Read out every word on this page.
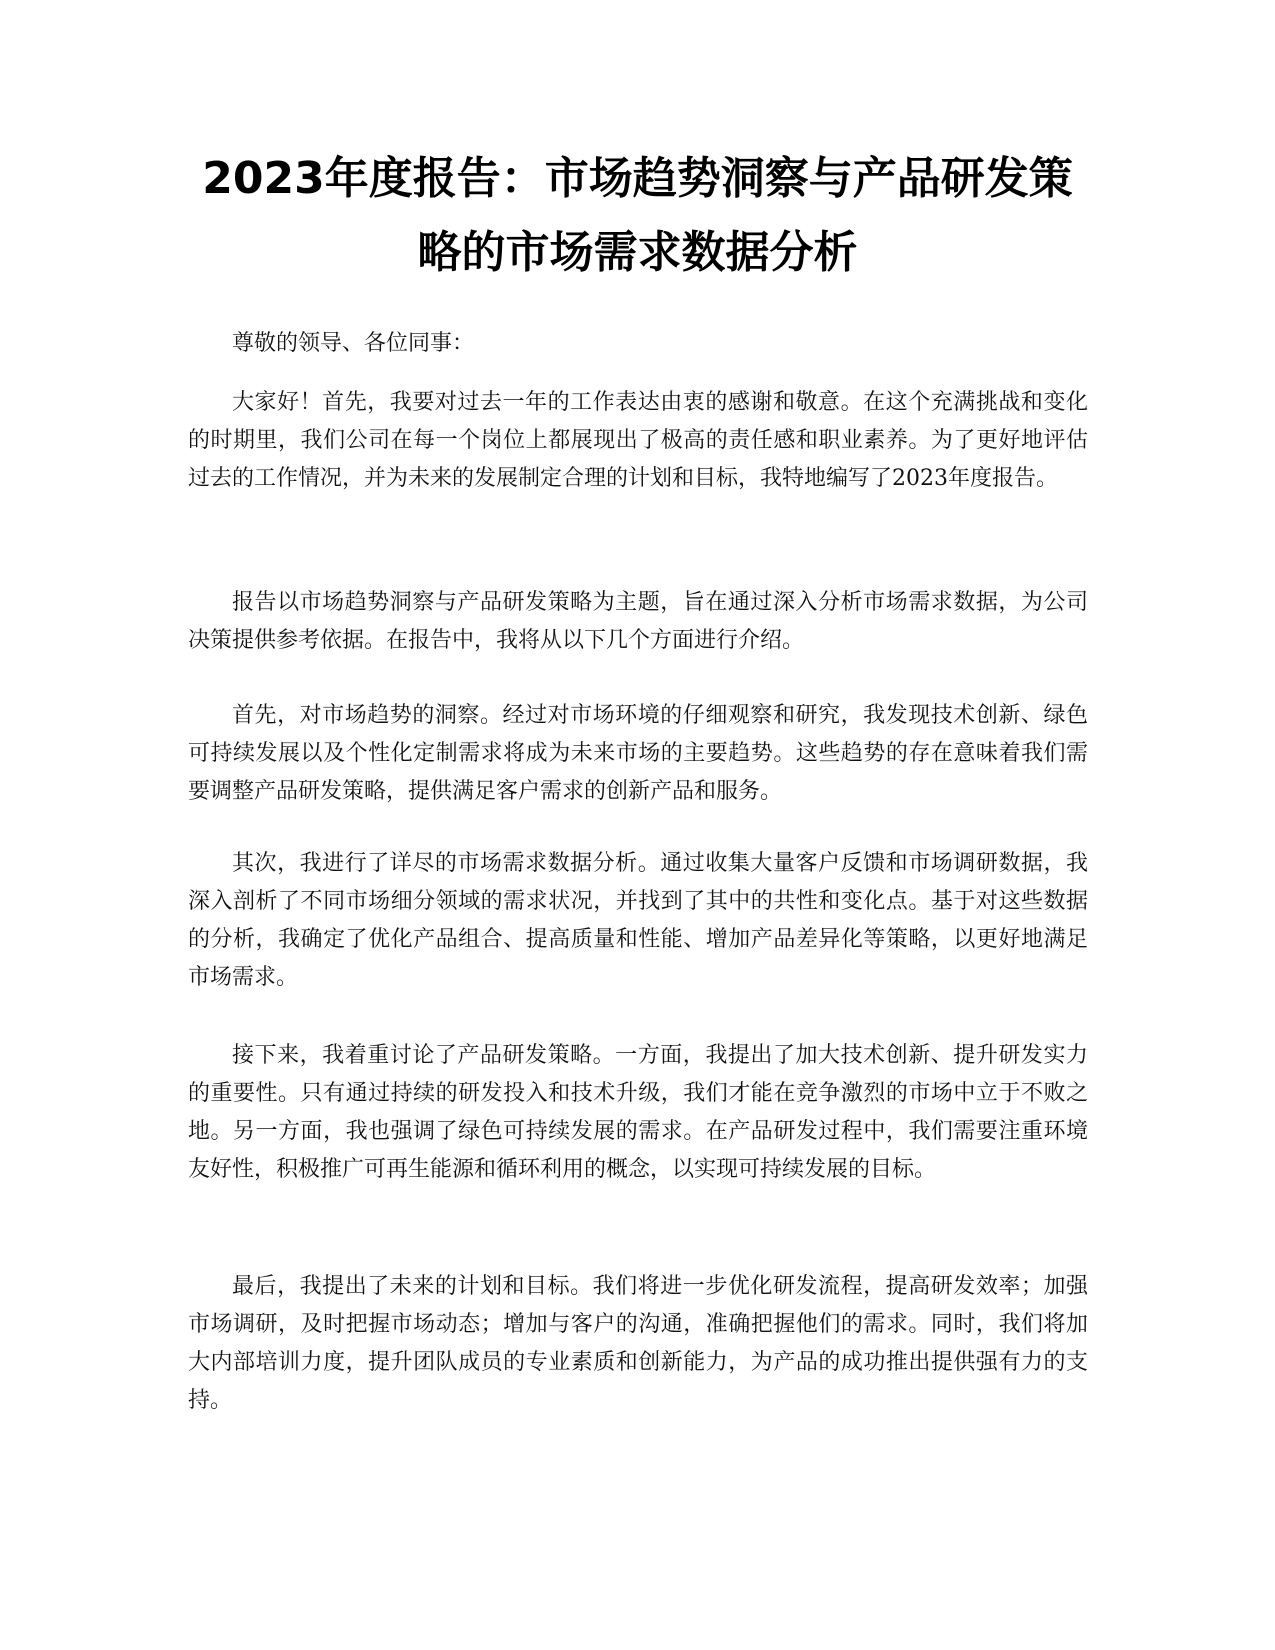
2023年度报告：市场趋势洞察与产品研发策略的市场需求数据分析

尊敬的领导、各位同事：

大家好！首先，我要对过去一年的工作表达由衷的感谢和敬意。在这个充满挑战和变化的时期里，我们公司在每一个岗位上都展现出了极高的责任感和职业素养。为了更好地评估过去的工作情况，并为未来的发展制定合理的计划和目标，我特地编写了2023年度报告。

报告以市场趋势洞察与产品研发策略为主题，旨在通过深入分析市场需求数据，为公司决策提供参考依据。在报告中，我将从以下几个方面进行介绍。

首先，对市场趋势的洞察。经过对市场环境的仔细观察和研究，我发现技术创新、绿色可持续发展以及个性化定制需求将成为未来市场的主要趋势。这些趋势的存在意味着我们需要调整产品研发策略，提供满足客户需求的创新产品和服务。

其次，我进行了详尽的市场需求数据分析。通过收集大量客户反馈和市场调研数据，我深入剖析了不同市场细分领域的需求状况，并找到了其中的共性和变化点。基于对这些数据的分析，我确定了优化产品组合、提高质量和性能、增加产品差异化等策略，以更好地满足市场需求。

接下来，我着重讨论了产品研发策略。一方面，我提出了加大技术创新、提升研发实力的重要性。只有通过持续的研发投入和技术升级，我们才能在竞争激烈的市场中立于不败之地。另一方面，我也强调了绿色可持续发展的需求。在产品研发过程中，我们需要注重环境友好性，积极推广可再生能源和循环利用的概念，以实现可持续发展的目标。

最后，我提出了未来的计划和目标。我们将进一步优化研发流程，提高研发效率；加强市场调研，及时把握市场动态；增加与客户的沟通，准确把握他们的需求。同时，我们将加大内部培训力度，提升团队成员的专业素质和创新能力，为产品的成功推出提供强有力的支持。
